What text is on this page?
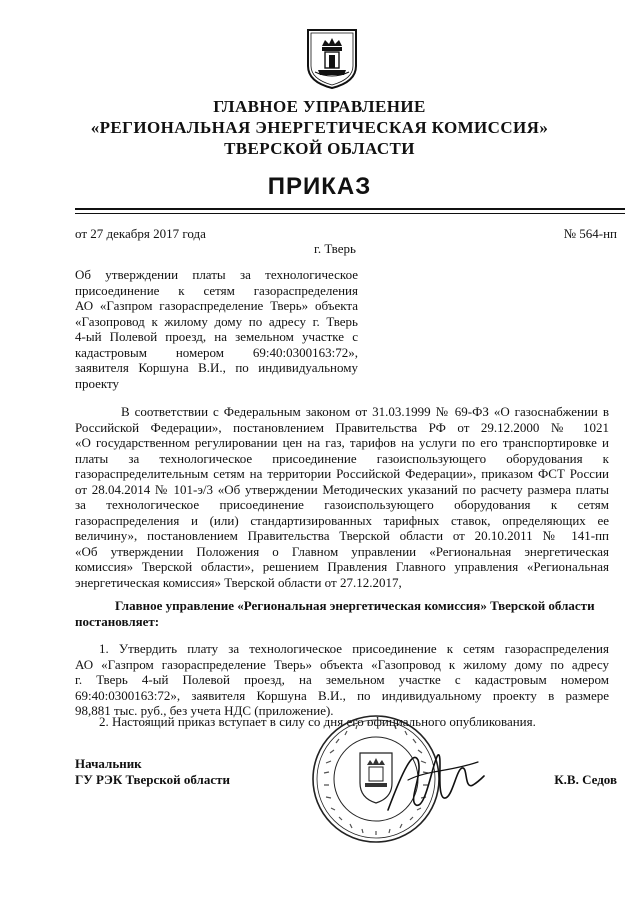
ГЛАВНОЕ УПРАВЛЕНИЕ
«РЕГИОНАЛЬНАЯ ЭНЕРГЕТИЧЕСКАЯ КОМИССИЯ»
ТВЕРСКОЙ ОБЛАСТИ
ПРИКАЗ
от 27 декабря 2017 года	№ 564-нп
г. Тверь
Об утверждении платы за технологическое
присоединение к сетям газораспределения
АО «Газпром газораспределение Тверь» объекта
«Газопровод к жилому дому по адресу г. Тверь
4-ый Полевой проезд, на земельном участке с
кадастровым номером 69:40:0300163:72»,
заявителя Коршуна В.И., по индивидуальному
проекту
В соответствии с Федеральным законом от 31.03.1999 № 69-ФЗ «О газоснабжении в
Российской Федерации», постановлением Правительства РФ от 29.12.2000 № 1021
«О государственном регулировании цен на газ, тарифов на услуги по его транспортировке и
платы за технологическое присоединение газоиспользующего оборудования к
газораспределительным сетям на территории Российской Федерации», приказом ФСТ России
от 28.04.2014 № 101-э/3 «Об утверждении Методических указаний по расчету размера платы
за технологическое присоединение газоиспользующего оборудования к сетям
газораспределения и (или) стандартизированных тарифных ставок, определяющих ее
величину», постановлением Правительства Тверской области от 20.10.2011 № 141-пп
«Об утверждении Положения о Главном управлении «Региональная энергетическая
комиссия» Тверской области», решением Правления Главного управления «Региональная
энергетическая комиссия» Тверской области от 27.12.2017,
Главное управление «Региональная энергетическая комиссия» Тверской области
постановляет:
1. Утвердить плату за технологическое присоединение к сетям газораспределения
АО «Газпром газораспределение Тверь» объекта «Газопровод к жилому дому по адресу
г. Тверь 4-ый Полевой проезд, на земельном участке с кадастровым номером
69:40:0300163:72», заявителя Коршуна В.И., по индивидуальному проекту в размере
98,881 тыс. руб., без учета НДС (приложение).
2. Настоящий приказ вступает в силу со дня его официального опубликования.
Начальник
ГУ РЭК Тверской области	К.В. Седов
